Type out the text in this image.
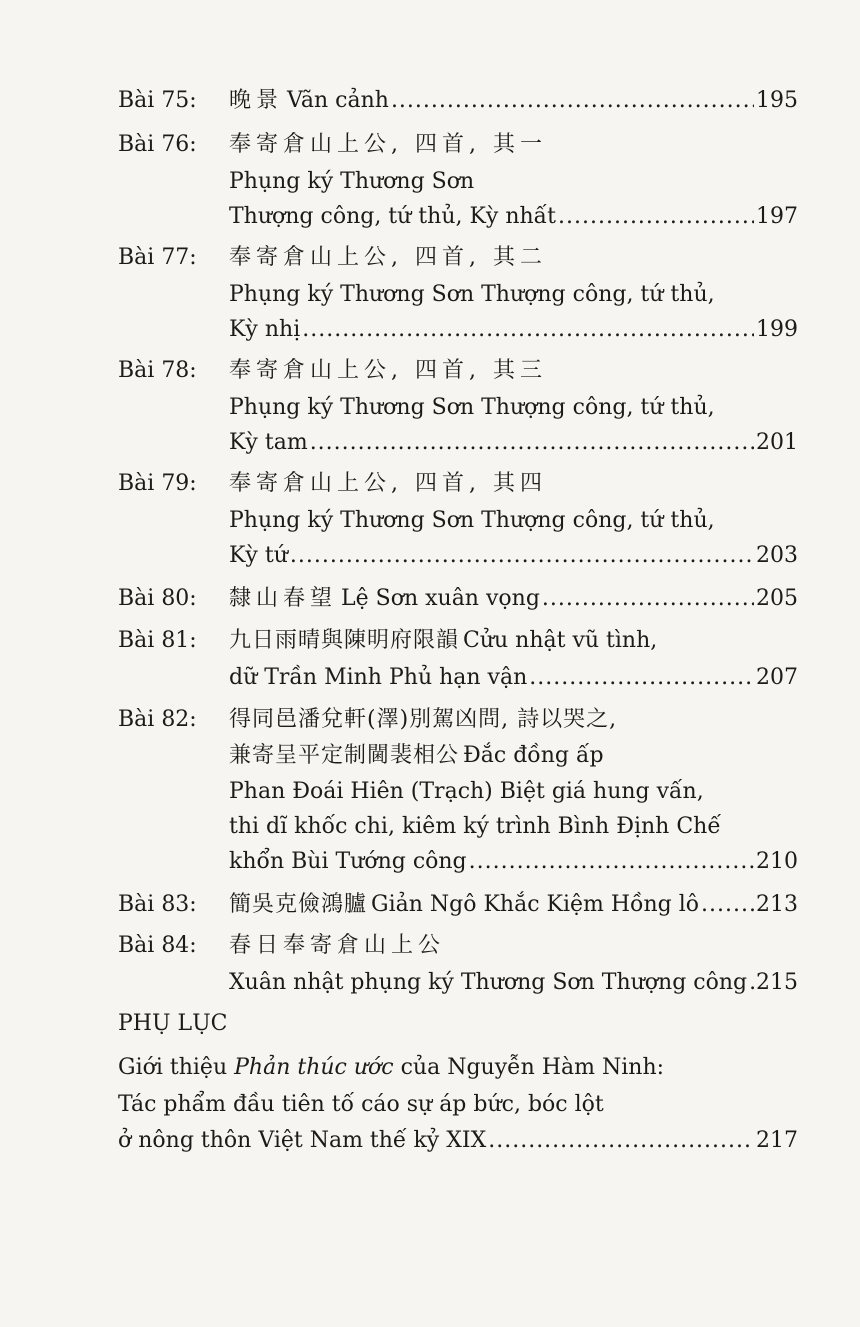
Bài 75: 晚景 Vãn cảnh .....	195
Bài 76: 奉寄倉山上公, 四首, 其一
Phụng ký Thương Sơn
Thượng công, tứ thủ, Kỳ nhất .....	197
Bài 77: 奉寄倉山上公, 四首, 其二
Phụng ký Thương Sơn Thượng công, tứ thủ,
Kỳ nhị .....	199
Bài 78: 奉寄倉山上公, 四首, 其三
Phụng ký Thương Sơn Thượng công, tứ thủ,
Kỳ tam .....	201
Bài 79: 奉寄倉山上公, 四首, 其四
Phụng ký Thương Sơn Thượng công, tứ thủ,
Kỳ tứ .....	203
Bài 80: 隸山春望 Lệ Sơn xuân vọng .....	205
Bài 81: 九日雨晴與陳明府限韻 Cửu nhật vũ tình,
dữ Trần Minh Phủ hạn vận .....	207
Bài 82: 得同邑潘兌軒(澤)別駕凶問, 詩以哭之,
兼寄呈平定制閫裴相公 Đắc đồng ấp
Phan Đoái Hiên (Trạch) Biệt giá hung vấn,
thi dĩ khốc chi, kiêm ký trình Bình Định Chế
khổn Bùi Tướng công .....	210
Bài 83: 簡吳克儉鴻臚 Giản Ngô Khắc Kiệm Hồng lô .....	213
Bài 84: 春日奉寄倉山上公
Xuân nhật phụng ký Thương Sơn Thượng công ..... 215
PHỤ LỤC
Giới thiệu Phản thúc ước của Nguyễn Hàm Ninh:
Tác phẩm đầu tiên tố cáo sự áp bức, bóc lột
ở nông thôn Việt Nam thế kỷ XIX .....	217
